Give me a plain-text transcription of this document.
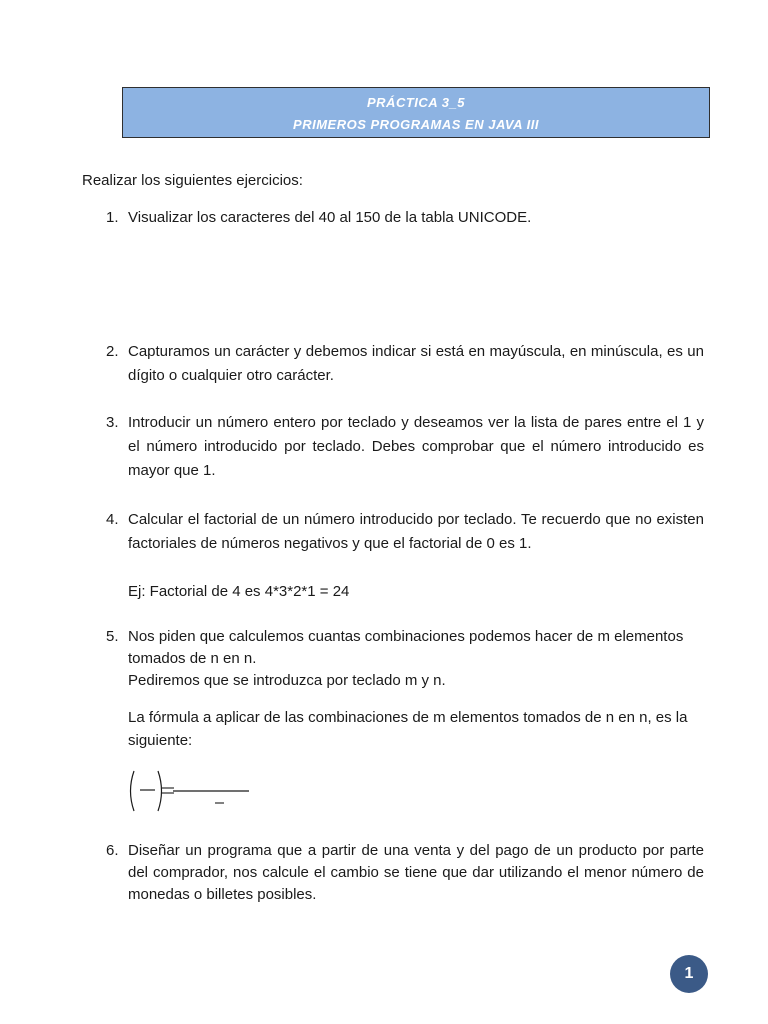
PRÁCTICA 3_5
PRIMEROS PROGRAMAS EN JAVA III
Realizar los siguientes ejercicios:
1. Visualizar los caracteres del 40 al 150 de la tabla UNICODE.

2. Capturamos un carácter y debemos indicar si está en mayúscula, en minúscula, es un dígito o cualquier otro carácter.

3. Introducir un número entero por teclado y deseamos ver la lista de pares entre el 1 y el número introducido por teclado. Debes comprobar que el número introducido es mayor que 1.

4. Calcular el factorial de un número introducido por teclado. Te recuerdo que no existen factoriales de números negativos y que el factorial de 0 es 1.

Ej: Factorial de 4 es 4*3*2*1 = 24
5. Nos piden que calculemos cuantas combinaciones podemos hacer de m elementos tomados de n en n.

Pediremos que se introduzca por teclado m y n.

La fórmula a aplicar de las combinaciones de m elementos tomados de n en n, es la siguiente:
6. Diseñar un programa que a partir de una venta y del pago de un producto por parte del comprador, nos calcule el cambio se tiene que dar utilizando el menor número de monedas o billetes posibles.

1
